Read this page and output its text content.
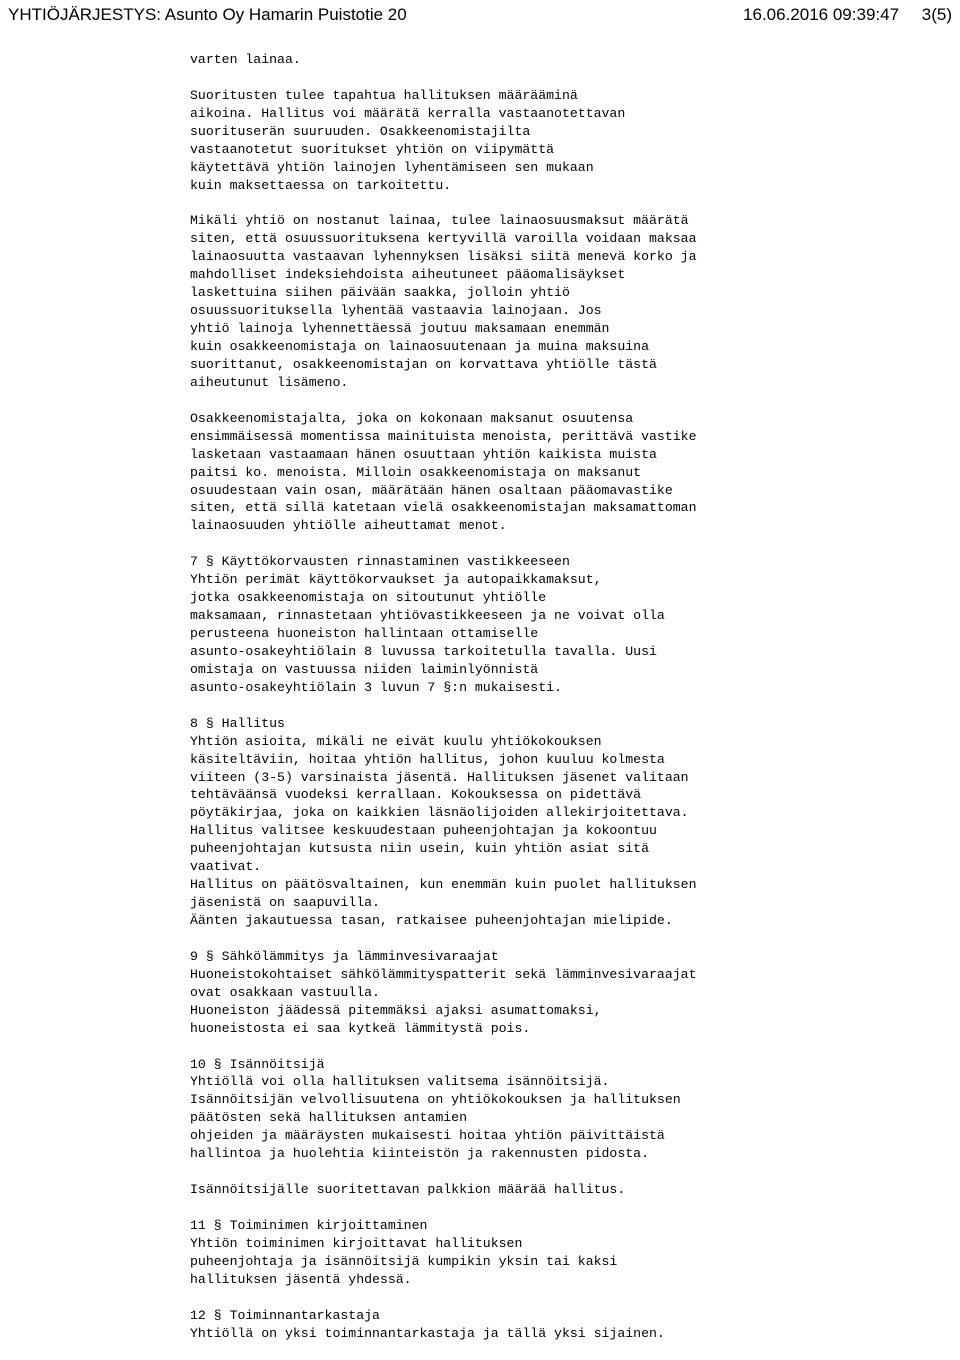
YHTIÖJÄRJESTYS: Asunto Oy Hamarin Puistotie 20	16.06.2016 09:39:47 3(5)
varten lainaa.
Suoritusten tulee tapahtua hallituksen määrääminä
aikoina. Hallitus voi määrätä kerralla vastaanotettavan
suorituserän suuruuden. Osakkeenomistajilta
vastaanotetut suoritukset yhtiön on viipymättä
käytettävä yhtiön lainojen lyhentämiseen sen mukaan
kuin maksettaessa on tarkoitettu.
Mikäli yhtiö on nostanut lainaa, tulee lainaosuusmaksut määrätä
siten, että osuussuorituksena kertyvillä varoilla voidaan maksaa
lainaosuutta vastaavan lyhennyksen lisäksi siitä menevä korko ja
mahdolliset indeksiehdoista aiheutuneet pääomalisäykset
laskettuina siihen päivään saakka, jolloin yhtiö
osuussuorituksella lyhentää vastaavia lainojaan. Jos
yhtiö lainoja lyhennettäessä joutuu maksamaan enemmän
kuin osakkeenomistaja on lainaosuutenaan ja muina maksuina
suorittanut, osakkeenomistajan on korvattava yhtiölle tästä
aiheutunut lisämeno.
Osakkeenomistajalta, joka on kokonaan maksanut osuutensa
ensimmäisessä momentissa mainituista menoista, perittävä vastike
lasketaan vastaamaan hänen osuuttaan yhtiön kaikista muista
paitsi ko. menoista. Milloin osakkeenomistaja on maksanut
osuudestaan vain osan, määrätään hänen osaltaan pääomavastike
siten, että sillä katetaan vielä osakkeenomistajan maksamattoman
lainaosuuden yhtiölle aiheuttamat menot.
7 § Käyttökorvausten rinnastaminen vastikkeeseen
Yhtiön perimät käyttökorvaukset ja autopaikkamaksut,
jotka osakkeenomistaja on sitoutunut yhtiölle
maksamaan, rinnastetaan yhtiövastikkeeseen ja ne voivat olla
perusteena huoneiston hallintaan ottamiselle
asunto-osakeyhtiölain 8 luvussa tarkoitetulla tavalla. Uusi
omistaja on vastuussa niiden laiminlyönnistä
asunto-osakeyhtiölain 3 luvun 7 §:n mukaisesti.
8 § Hallitus
Yhtiön asioita, mikäli ne eivät kuulu yhtiökokouksen
käsiteltäviin, hoitaa yhtiön hallitus, johon kuuluu kolmesta
viiteen (3-5) varsinaista jäsentä. Hallituksen jäsenet valitaan
tehtäväänsä vuodeksi kerrallaan. Kokouksessa on pidettävä
pöytäkirjaa, joka on kaikkien läsnäolijoiden allekirjoitettava.
Hallitus valitsee keskuudestaan puheenjohtajan ja kokoontuu
puheenjohtajan kutsusta niin usein, kuin yhtiön asiat sitä
vaativat.
Hallitus on päätösvaltainen, kun enemmän kuin puolet hallituksen
jäsenistä on saapuvilla.
Äänten jakautuessa tasan, ratkaisee puheenjohtajan mielipide.
9 § Sähkölämmitys ja lämminvesivaraajat
Huoneistokohtaiset sähkölämmityspatterit sekä lämminvesivaraajat
ovat osakkaan vastuulla.
Huoneiston jäädessä pitemmäksi ajaksi asumattomaksi,
huoneistosta ei saa kytkeä lämmitystä pois.
10 § Isännöitsijä
Yhtiöllä voi olla hallituksen valitsema isännöitsijä.
Isännöitsijän velvollisuutena on yhtiökokouksen ja hallituksen
päätösten sekä hallituksen antamien
ohjeiden ja määräysten mukaisesti hoitaa yhtiön päivittäistä
hallintoa ja huolehtia kiinteistön ja rakennusten pidosta.
Isännöitsijälle suoritettavan palkkion määrää hallitus.
11 § Toiminimen kirjoittaminen
Yhtiön toiminimen kirjoittavat hallituksen
puheenjohtaja ja isännöitsijä kumpikin yksin tai kaksi
hallituksen jäsentä yhdessä.
12 § Toiminnantarkastaja
Yhtiöllä on yksi toiminnantarkastaja ja tällä yksi sijainen.
